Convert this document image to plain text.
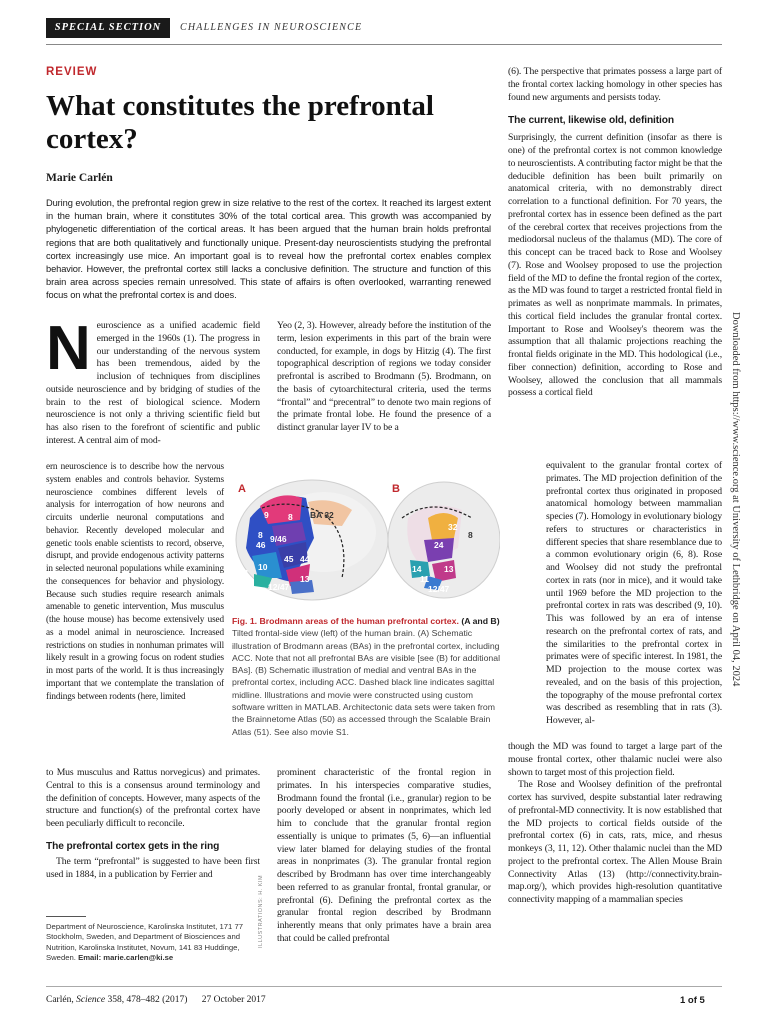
SPECIAL SECTION	CHALLENGES IN NEUROSCIENCE
REVIEW
What constitutes the prefrontal cortex?
Marie Carlén
During evolution, the prefrontal region grew in size relative to the rest of the cortex. It reached its largest extent in the human brain, where it constitutes 30% of the total cortical area. This growth was accompanied by phylogenetic differentiation of the cortical areas. It has been argued that the human brain holds prefrontal regions that are both qualitatively and functionally unique. Present-day neuroscientists studying the prefrontal cortex increasingly use mice. An important goal is to reveal how the prefrontal cortex enables complex behavior. However, the prefrontal cortex still lacks a conclusive definition. The structure and function of this brain area across species remain unresolved. This state of affairs is often overlooked, warranting renewed focus on what the prefrontal cortex is and does.
N euroscience as a unified academic field emerged in the 1960s (1). The progress in our understanding of the nervous system has been tremendous, aided by the inclusion of techniques from disciplines outside neuroscience and by bridging of studies of the brain to the rest of biological science. Modern neuroscience is not only a thriving scientific field but has also risen to the forefront of scientific and public interest. A central aim of mod-

ern neuroscience is to describe how the nervous system enables and controls behavior. Systems neuroscience combines different levels of analysis for interrogation of how neurons and circuits underlie neuronal computations and behavior. Recently developed molecular and genetic tools enable scientists to record, observe, disrupt, and provide endogenous activity patterns in selected neuronal populations while examining the consequences for behavior and physiology. Because such studies require research animals amenable to genetic intervention, Mus musculus (the house mouse) has become extensively used as a model animal in neuroscience. Increased restrictions on studies in nonhuman primates will likely result in a growing focus on rodent studies in most parts of the world. It is thus increasingly important that we contemplate the translation of findings between rodents (here, limited

to Mus musculus and Rattus norvegicus) and primates. Central to this is a consensus around terminology and the definition of concepts. However, many aspects of the structure and function(s) of the prefrontal cortex have been peculiarly difficult to reconcile.

The prefrontal cortex gets in the ring

The term “prefrontal” is suggested to have been first used in 1884, in a publication by Ferrier and

Yeo (2, 3). However, already before the institution of the term, lesion experiments in this part of the brain were conducted, for example, in dogs by Hitzig (4). The first topographical description of regions we today consider prefrontal is ascribed to Brodmann (5). Brodmann, on the basis of cytoarchitectural criteria, used the terms “frontal” and “precentral” to denote two main regions of the primate frontal lobe. He found the presence of a distinct granular layer IV to be a

prominent characteristic of the frontal region in primates. In his interspecies comparative studies, Brodmann found the frontal (i.e., granular) region to be poorly developed or absent in nonprimates, which led him to conclude that the granular frontal region essentially is unique to primates (5, 6)—an influential view later blamed for delaying studies of the frontal areas in nonprimates (3). The granular frontal region described by Brodmann has over time interchangeably been referred to as granular frontal, frontal granular, or prefrontal (6). Defining the prefrontal cortex as the granular frontal region described by Brodmann inherently means that only primates have a brain area that could be called prefrontal

(6). The perspective that primates possess a large part of the frontal cortex lacking homology in other species has found new arguments and persists today.

The current, likewise old, definition

Surprisingly, the current definition (insofar as there is one) of the prefrontal cortex is not common knowledge to neuroscientists. A contributing factor might be that the deducible definition has been built primarily on anatomical criteria, with no demonstrably direct correlation to a functional definition. For 70 years, the prefrontal cortex has in essence been defined as the part of the cerebral cortex that receives projections from the mediodorsal nucleus of the thalamus (MD). The core of this concept can be traced back to Rose and Woolsey (7). Rose and Woolsey proposed to use the projection field of the MD to define the frontal region of the cortex, as the MD was found to target a restricted frontal field in primates as well as nonprimate mammals. In primates, this cortical field includes the granular frontal cortex. Important to Rose and Woolsey's theorem was the assumption that all thalamic projections reaching the frontal fields originate in the MD. This hodological (i.e., fiber connection) definition, according to Rose and Woolsey, allowed the conclusion that all mammals possess a cortical field

equivalent to the granular frontal cortex of primates. The MD projection definition of the prefrontal cortex thus originated in proposed anatomical homology between mammalian species (7). Homology in evolutionary biology refers to structures or characteristics in different species that share resemblance due to a common evolutionary origin (6, 8). Rose and Woolsey did not study the prefrontal cortex in rats (nor in mice), and it would take until 1969 before the MD projection to the prefrontal cortex in rats was described (9, 10). This was followed by an era of intense research on the prefrontal cortex of rats, and the similarities to the prefrontal cortex in primates were of specific interest. In 1981, the MD projection to the mouse cortex was revealed, and on the basis of this projection, the topography of the mouse prefrontal cortex was described as resembling that in rats (3). However, al-

though the MD was found to target a large part of the mouse frontal cortex, other thalamic nuclei were also shown to target most of this projection field.

The Rose and Woolsey definition of the prefrontal cortex has survived, despite substantial later redrawing of prefrontal-MD connectivity. It is now established that the MD projects to cortical fields outside of the prefrontal cortex (6) in cats, rats, mice, and rhesus monkeys (3, 11, 12). Other thalamic nuclei than the MD project to the prefrontal cortex. The Allen Mouse Brain Connectivity Atlas (13) (http://connectivity.brain-map.org/), which provides high-resolution quantitative connectivity mapping of a mammalian species

A	B
9 8 BA 32
9/46
46
45 44
10
11
13
12/47
8
32
24
14	13
11
12/47
8
Fig. 1. Brodmann areas of the human prefrontal cortex. (A and B) Tilted frontal-side view (left) of the human brain. (A) Schematic illustration of Brodmann areas (BAs) in the prefrontal cortex, including ACC. Note that not all prefrontal BAs are visible [see (B) for additional BAs]. (B) Schematic illustration of medial and ventral BAs in the prefrontal cortex, including ACC. Dashed black line indicates sagittal midline. Illustrations and movie were constructed using custom software written in MATLAB. Architectonic data sets were taken from the Brainnetome Atlas (50) as accessed through the Scalable Brain Atlas (51). See also movie S1.
Downloaded from https://www.science.org at University of Lethbridge on April 04, 2024
ILLUSTRATIONS: H. KIM
Department of Neuroscience, Karolinska Institutet, 171 77 Stockholm, Sweden, and Department of Biosciences and Nutrition, Karolinska Institutet, Novum, 141 83 Huddinge, Sweden. Email: marie.carlen@ki.se
Carlén, Science 358, 478–482 (2017) 27 October 2017	1 of 5
